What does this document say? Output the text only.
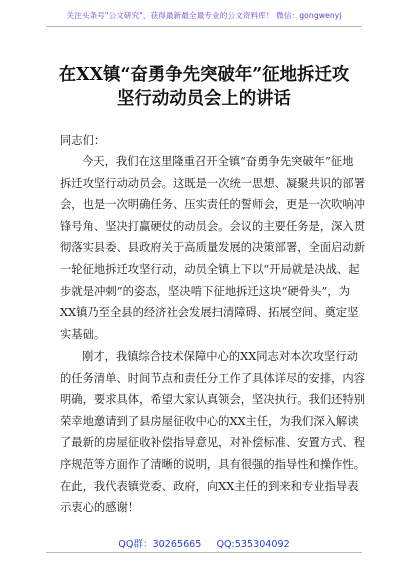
关注头条号"公文研究"，获得最新最全最专业的公文资料库！ 微信：gongwenyj
在XX镇“奋勇争先突破年”征地拆迁攻
坚行动动员会上的讲话
同志们：
今天，我们在这里隆重召开全镇“奋勇争先突破年”征地
拆迁攻坚行动动员会。这既是一次统一思想、凝聚共识的部署
会，也是一次明确任务、压实责任的誓师会，更是一次吹响冲
锋号角、坚决打赢硬仗的动员会。会议的主要任务是，深入贯
彻落实县委、县政府关于高质量发展的决策部署，全面启动新
一轮征地拆迁攻坚行动，动员全镇上下以“开局就是决战、起
步就是冲刺”的姿态，坚决啃下征地拆迁这块“硬骨头”，为
XX镇乃至全县的经济社会发展扫清障碍、拓展空间、奠定坚
实基础。
刚才，我镇综合技术保障中心的XX同志对本次攻坚行动
的任务清单、时间节点和责任分工作了具体详尽的安排，内容
明确，要求具体，希望大家认真领会，坚决执行。我们还特别
荣幸地邀请到了县房屋征收中心的XX主任，为我们深入解读
了最新的房屋征收补偿指导意见，对补偿标准、安置方式、程
序规范等方面作了清晰的说明，具有很强的指导性和操作性。
在此，我代表镇党委、政府，向XX主任的到来和专业指导表
示衷心的感谢！
QQ群：30265665 QQ:535304092
